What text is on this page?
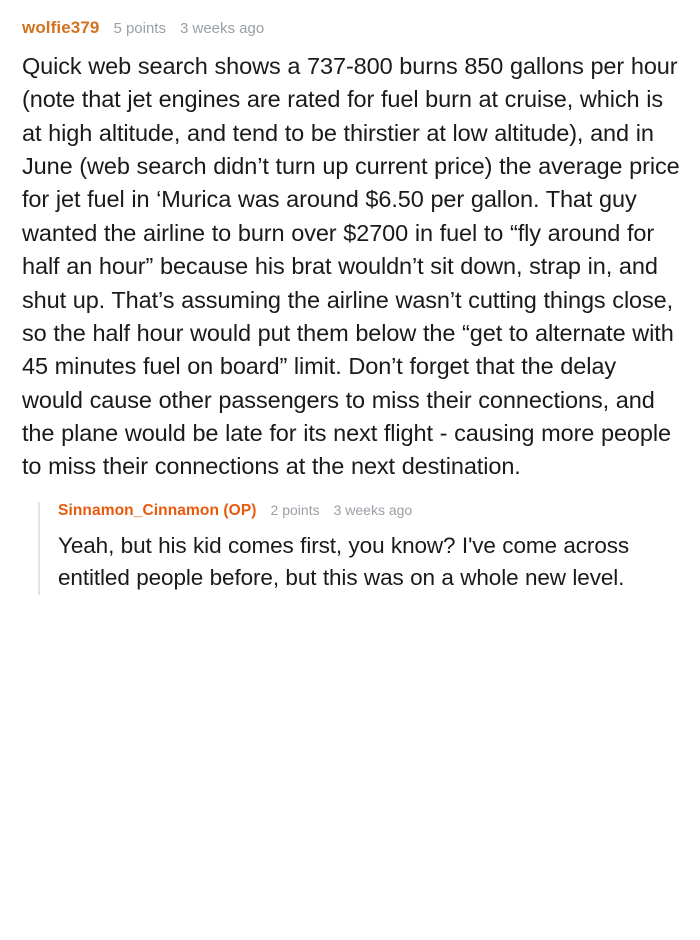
wolfie379 5 points 3 weeks ago

Quick web search shows a 737-800 burns 850 gallons per hour (note that jet engines are rated for fuel burn at cruise, which is at high altitude, and tend to be thirstier at low altitude), and in June (web search didn’t turn up current price) the average price for jet fuel in ‘Murica was around $6.50 per gallon. That guy wanted the airline to burn over $2700 in fuel to “fly around for half an hour” because his brat wouldn’t sit down, strap in, and shut up. That’s assuming the airline wasn’t cutting things close, so the half hour would put them below the “get to alternate with 45 minutes fuel on board” limit. Don’t forget that the delay would cause other passengers to miss their connections, and the plane would be late for its next flight - causing more people to miss their connections at the next destination.

Sinnamon_Cinnamon (OP) 2 points 3 weeks ago

Yeah, but his kid comes first, you know? I've come across entitled people before, but this was on a whole new level.
